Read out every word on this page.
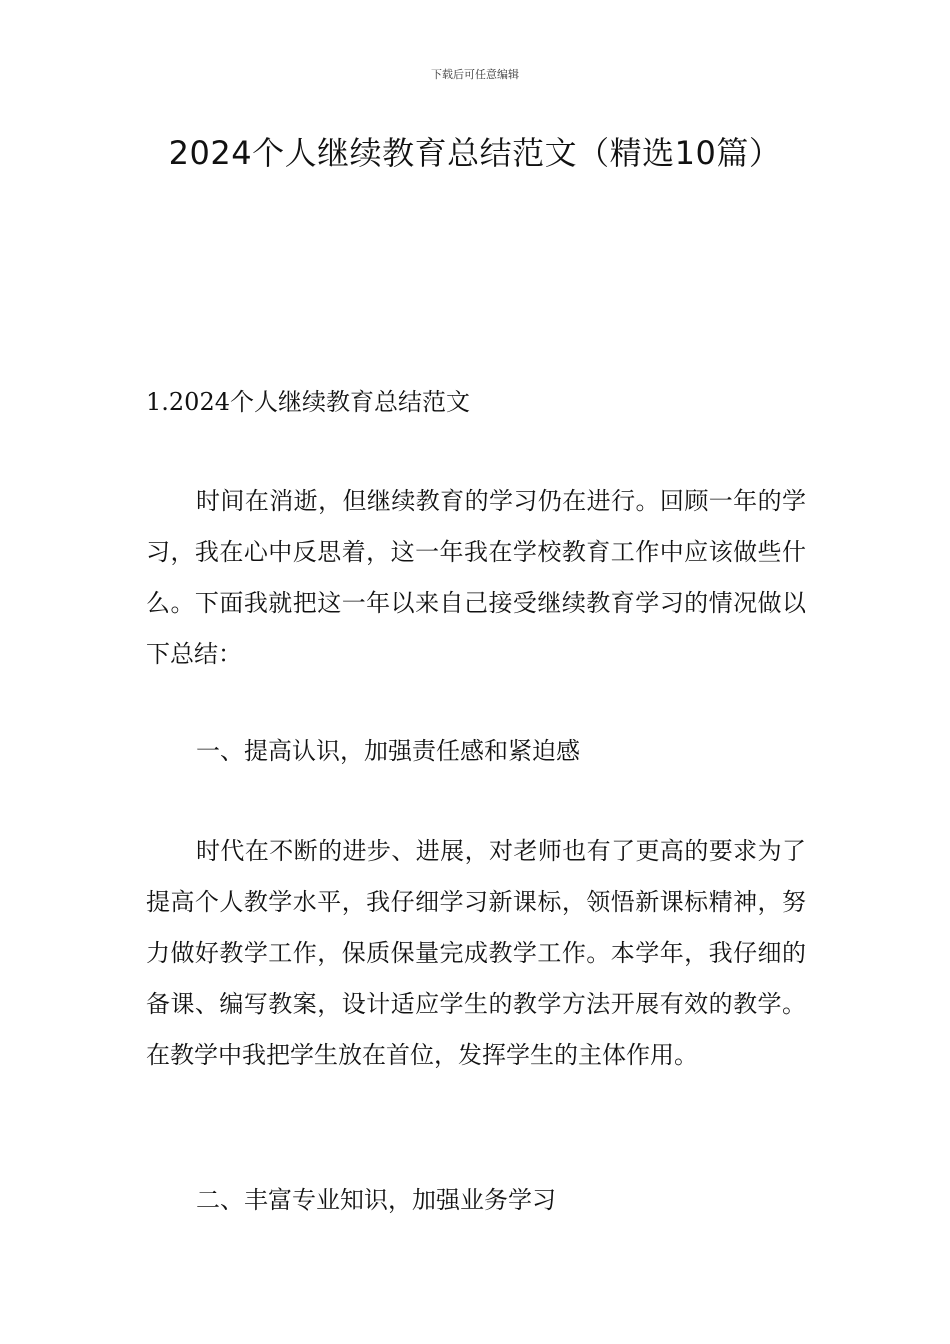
下载后可任意编辑
2024个人继续教育总结范文（精选10篇）
1.2024个人继续教育总结范文

时间在消逝，但继续教育的学习仍在进行。回顾一年的学习，我在心中反思着，这一年我在学校教育工作中应该做些什么。下面我就把这一年以来自己接受继续教育学习的情况做以下总结：

一、提高认识，加强责任感和紧迫感

时代在不断的进步、进展，对老师也有了更高的要求为了提高个人教学水平，我仔细学习新课标，领悟新课标精神，努力做好教学工作，保质保量完成教学工作。本学年，我仔细的备课、编写教案，设计适应学生的教学方法开展有效的教学。在教学中我把学生放在首位，发挥学生的主体作用。

二、丰富专业知识，加强业务学习
